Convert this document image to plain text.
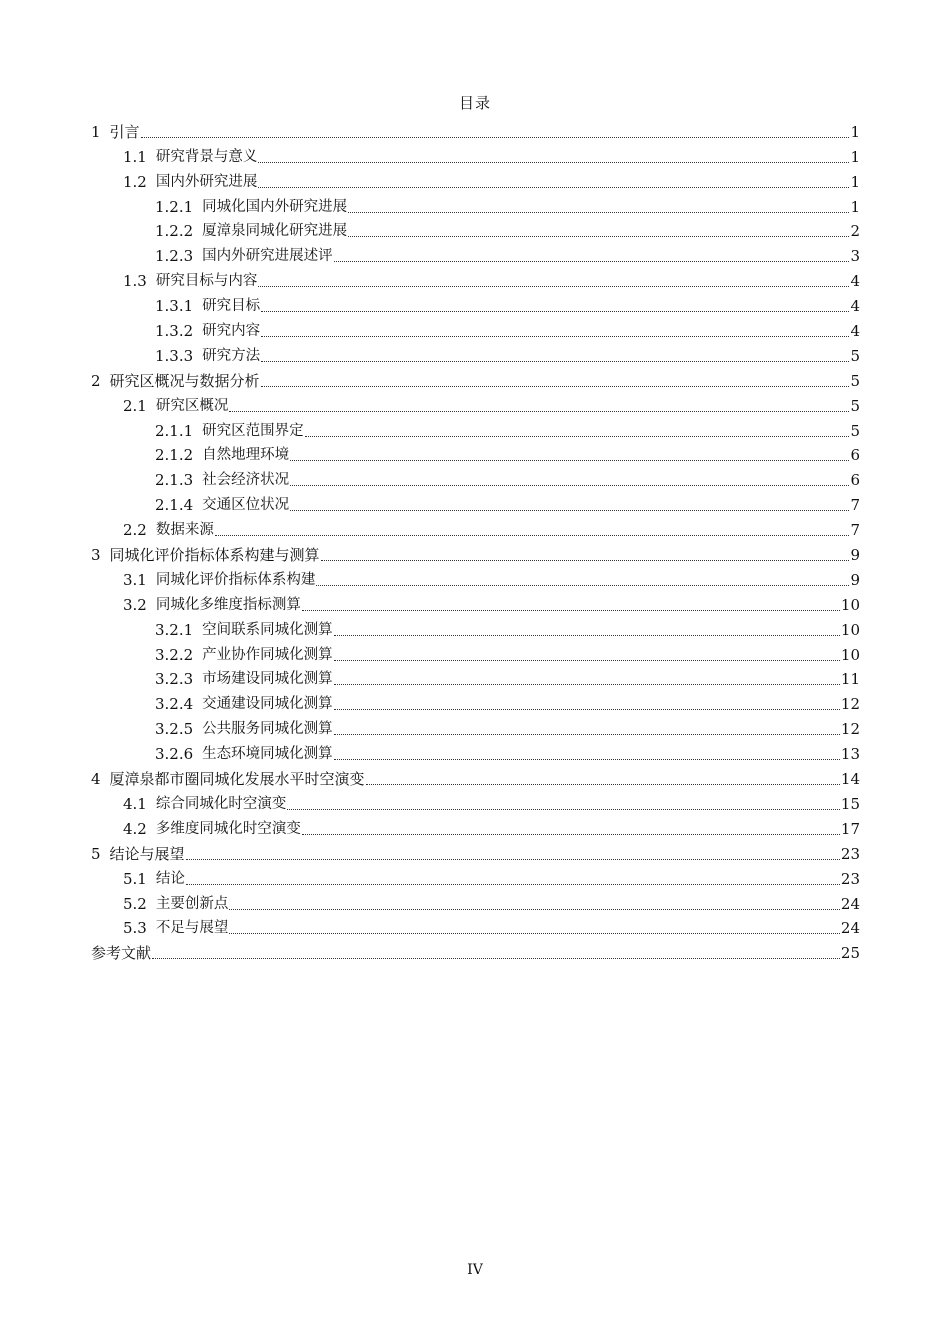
目录
1 引言	1
1.1 研究背景与意义	1
1.2 国内外研究进展	1
1.2.1 同城化国内外研究进展	1
1.2.2 厦漳泉同城化研究进展	2
1.2.3 国内外研究进展述评	3
1.3 研究目标与内容	4
1.3.1 研究目标	4
1.3.2 研究内容	4
1.3.3 研究方法	5
2 研究区概况与数据分析	5
2.1 研究区概况	5
2.1.1 研究区范围界定	5
2.1.2 自然地理环境	6
2.1.3 社会经济状况	6
2.1.4 交通区位状况	7
2.2 数据来源	7
3 同城化评价指标体系构建与测算	9
3.1 同城化评价指标体系构建	9
3.2 同城化多维度指标测算	10
3.2.1 空间联系同城化测算	10
3.2.2 产业协作同城化测算	10
3.2.3 市场建设同城化测算	11
3.2.4 交通建设同城化测算	12
3.2.5 公共服务同城化测算	12
3.2.6 生态环境同城化测算	13
4 厦漳泉都市圈同城化发展水平时空演变	14
4.1 综合同城化时空演变	15
4.2 多维度同城化时空演变	17
5 结论与展望	23
5.1 结论	23
5.2 主要创新点	24
5.3 不足与展望	24
参考文献	25
IV
